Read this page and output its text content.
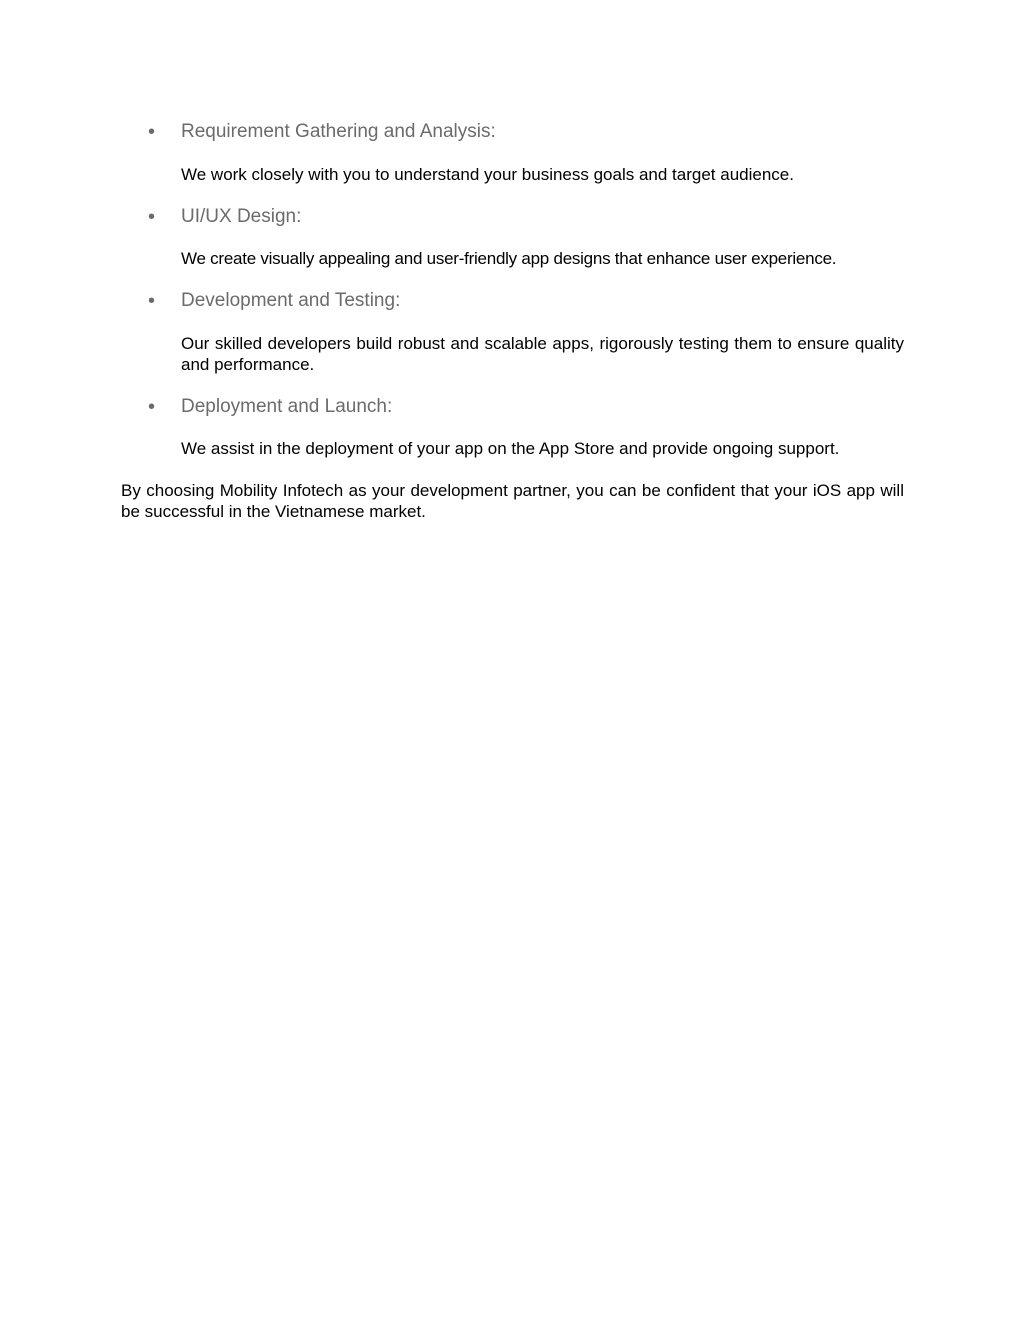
• Requirement Gathering and Analysis:

We work closely with you to understand your business goals and target audience.

• UI/UX Design:

We create visually appealing and user-friendly app designs that enhance user experience.

• Development and Testing:

Our skilled developers build robust and scalable apps, rigorously testing them to ensure quality and performance.

• Deployment and Launch:

We assist in the deployment of your app on the App Store and provide ongoing support.

By choosing Mobility Infotech as your development partner, you can be confident that your iOS app will be successful in the Vietnamese market.
